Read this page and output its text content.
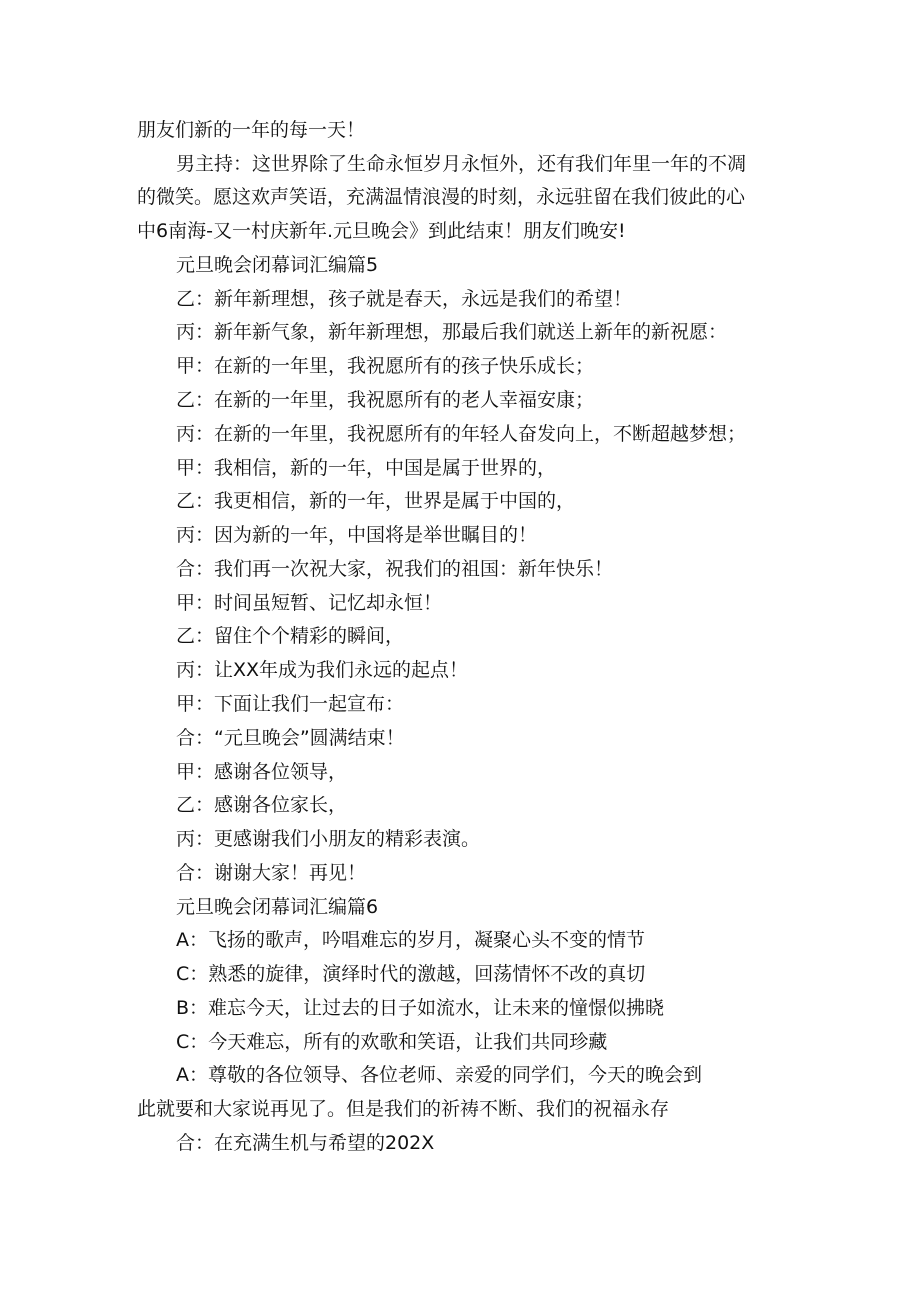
朋友们新的一年的每一天！
男主持：这世界除了生命永恒岁月永恒外，还有我们年里一年的不凋
的微笑。愿这欢声笑语，充满温情浪漫的时刻，永远驻留在我们彼此的心
中6南海-又一村庆新年.元旦晚会》到此结束！朋友们晚安!
元旦晚会闭幕词汇编篇5
乙：新年新理想，孩子就是春天，永远是我们的希望！
丙：新年新气象，新年新理想，那最后我们就送上新年的新祝愿：
甲：在新的一年里，我祝愿所有的孩子快乐成长；
乙：在新的一年里，我祝愿所有的老人幸福安康；
丙：在新的一年里，我祝愿所有的年轻人奋发向上，不断超越梦想；
甲：我相信，新的一年，中国是属于世界的，
乙：我更相信，新的一年，世界是属于中国的，
丙：因为新的一年，中国将是举世瞩目的！
合：我们再一次祝大家，祝我们的祖国：新年快乐！
甲：时间虽短暂、记忆却永恒！
乙：留住个个精彩的瞬间，
丙：让XX年成为我们永远的起点！
甲：下面让我们一起宣布：
合：“元旦晚会”圆满结束！
甲：感谢各位领导，
乙：感谢各位家长，
丙：更感谢我们小朋友的精彩表演。
合：谢谢大家！再见！
元旦晚会闭幕词汇编篇6
A：飞扬的歌声，吟唱难忘的岁月，凝聚心头不变的情节
C：熟悉的旋律，演绎时代的激越，回荡情怀不改的真切
B：难忘今天，让过去的日子如流水，让未来的憧憬似拂晓
C：今天难忘，所有的欢歌和笑语，让我们共同珍藏
A：尊敬的各位领导、各位老师、亲爱的同学们，今天的晚会到
此就要和大家说再见了。但是我们的祈祷不断、我们的祝福永存
合：在充满生机与希望的202X
